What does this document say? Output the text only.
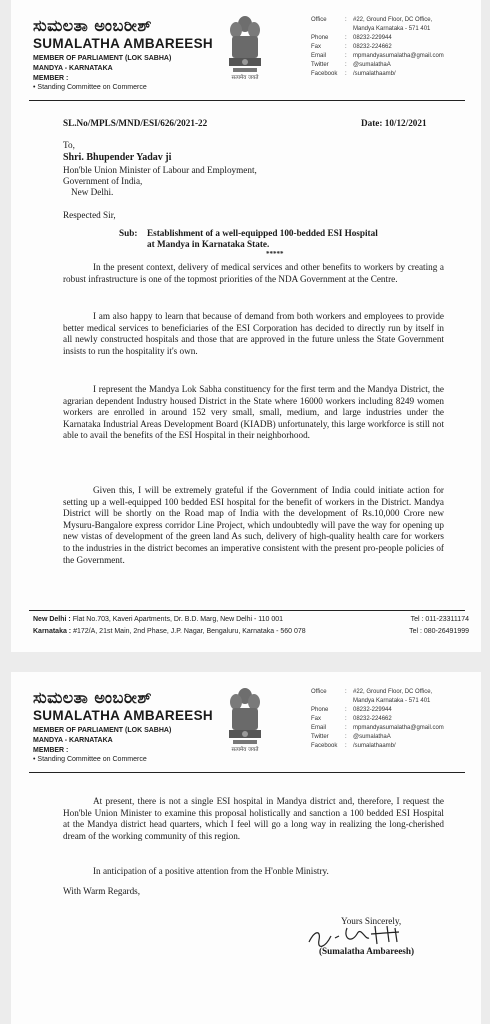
ಸುಮಲತಾ ಅಂಬರೀಶ್
SUMALATHA AMBAREESH
MEMBER OF PARLIAMENT (LOK SABHA)
MANDYA - KARNATAKA
MEMBER :
• Standing Committee on Commerce
सत्यमेव जयते
Office	:	#22, Ground Floor, DC Office,
Mandya Karnataka - 571 401
Phone	:	08232-229944
Fax	:	08232-224662
Email	:	mpmandyasumalatha@gmail.com
Twitter	:	@sumalathaA
Facebook	:	/sumalathaamb/
SL.No/MPLS/MND/ESI/626/2021-22	Date: 10/12/2021
To,
Shri. Bhupender Yadav ji
Hon'ble Union Minister of Labour and Employment,
Government of India,
New Delhi.
Respected Sir,
Sub: Establishment of a well-equipped 100-bedded ESI Hospital
at Mandya in Karnataka State.
*****
In the present context, delivery of medical services and other benefits to workers by creating a robust infrastructure is one of the topmost priorities of the NDA Government at the Centre.
I am also happy to learn that because of demand from both workers and employees to provide better medical services to beneficiaries of the ESI Corporation has decided to directly run by itself in all newly constructed hospitals and those that are approved in the future unless the State Government insists to run the hospitality it's own.
I represent the Mandya Lok Sabha constituency for the first term and the Mandya District, the agrarian dependent Industry housed District in the State where 16000 workers including 8249 women workers are enrolled in around 152 very small, small, medium, and large industries under the Karnataka Industrial Areas Development Board (KIADB) unfortunately, this large workforce is still not able to avail the benefits of the ESI Hospital in their neighborhood.
Given this, I will be extremely grateful if the Government of India could initiate action for setting up a well-equipped 100 bedded ESI hospital for the benefit of workers in the District. Mandya District will be shortly on the Road map of India with the development of Rs.10,000 Crore new Mysuru-Bangalore express corridor Line Project, which undoubtedly will pave the way for opening up new vistas of development of the green land As such, delivery of high-quality health care for workers to the industries in the district becomes an imperative consistent with the present pro-people policies of the Government.
New Delhi : Flat No.703, Kaveri Apartments, Dr. B.D. Marg, New Delhi - 110 001	Tel : 011-23311174
Karnataka : #172/A, 21st Main, 2nd Phase, J.P. Nagar, Bengaluru, Karnataka - 560 078	Tel : 080-26491999
ಸುಮಲತಾ ಅಂಬರೀಶ್
SUMALATHA AMBAREESH
MEMBER OF PARLIAMENT (LOK SABHA)
MANDYA - KARNATAKA
MEMBER :
• Standing Committee on Commerce
सत्यमेव जयते
Office	:	#22, Ground Floor, DC Office,
Mandya Karnataka - 571 401
Phone	:	08232-229944
Fax	:	08232-224662
Email	:	mpmandyasumalatha@gmail.com
Twitter	:	@sumalathaA
Facebook	:	/sumalathaamb/
At present, there is not a single ESI hospital in Mandya district and, therefore, I request the Hon'ble Union Minister to examine this proposal holistically and sanction a 100 bedded ESI Hospital at the Mandya district head quarters, which I feel will go a long way in realizing the long-cherished dream of the working community of this region.
In anticipation of a positive attention from the H'onble Ministry.
With Warm Regards,
Yours Sincerely,
(Sumalatha Ambareesh)
